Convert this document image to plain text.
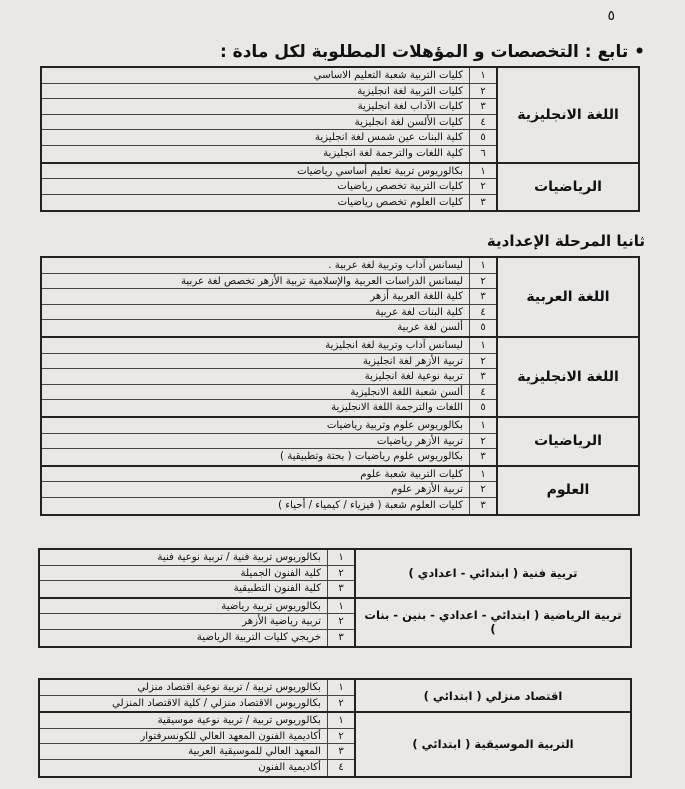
٥
• تابع : التخصصات و المؤهلات المطلوبة لكل مادة :
اللغة الانجليزية
١
كليات التربية شعبة التعليم الاساسي
٢
كليات التربية لغة انجليزية
٣
كليات الآداب لغة انجليزية
٤
كليات الألسن لغة انجليزية
٥
كلية البنات عين شمس لغة انجليزية
٦
كلية اللغات والترجمة لغة انجليزية
الرياضيات
١
بكالوريوس تربية تعليم أساسي رياضيات
٢
كليات التربية تخصص رياضيات
٣
كليات العلوم تخصص رياضيات
ثانيا المرحلة الإعدادية
اللغة العربية
١
ليسانس آداب وتربية لغة عربية .
٢
ليسانس الدراسات العربية والإسلامية تربية الأزهر تخصص لغة عربية
٣
كلية اللغة العربية أزهر
٤
كلية البنات لغة عربية
٥
ألسن لغة عربية
اللغة الانجليزية
١
ليسانس آداب وتربية لغة انجليزية
٢
تربية الأزهر لغة انجليزية
٣
تربية نوعية لغة انجليزية
٤
ألسن شعبة اللغة الانجليزية
٥
اللغات والترجمة اللغة الانجليزية
الرياضيات
١
بكالوريوس علوم وتربية رياضيات
٢
تربية الأزهر رياضيات
٣
بكالوريوس علوم رياضيات ( بحتة وتطبيقية )
العلوم
١
كليات التربية شعبة علوم
٢
تربية الأزهر علوم
٣
كليات العلوم شعبة ( فيزياء / كيمياء / أحياء )
تربية فنية ( ابتدائي - اعدادي )
١
بكالوريوس تربية فنية / تربية نوعية فنية
٢
كلية الفنون الجميلة
٣
كلية الفنون التطبيقية
تربية الرياضية ( ابتدائي - اعدادي - بنين - بنات )
١
بكالوريوس تربية رياضية
٢
تربية رياضية الأزهر
٣
خريجي كليات التربية الرياضية
اقتصاد منزلي ( ابتدائي )
١
بكالوريوس تربية / تربية نوعية اقتصاد منزلي
٢
بكالوريوس الاقتصاد منزلي / كلية الاقتصاد المنزلي
التربية الموسيقية ( ابتدائي )
١
بكالوريوس تربية / تربية نوعية موسيقية
٢
أكاديمية الفنون المعهد العالي للكونسرفتوار
٣
المعهد العالي للموسيقية العربية
٤
أكاديمية الفنون
